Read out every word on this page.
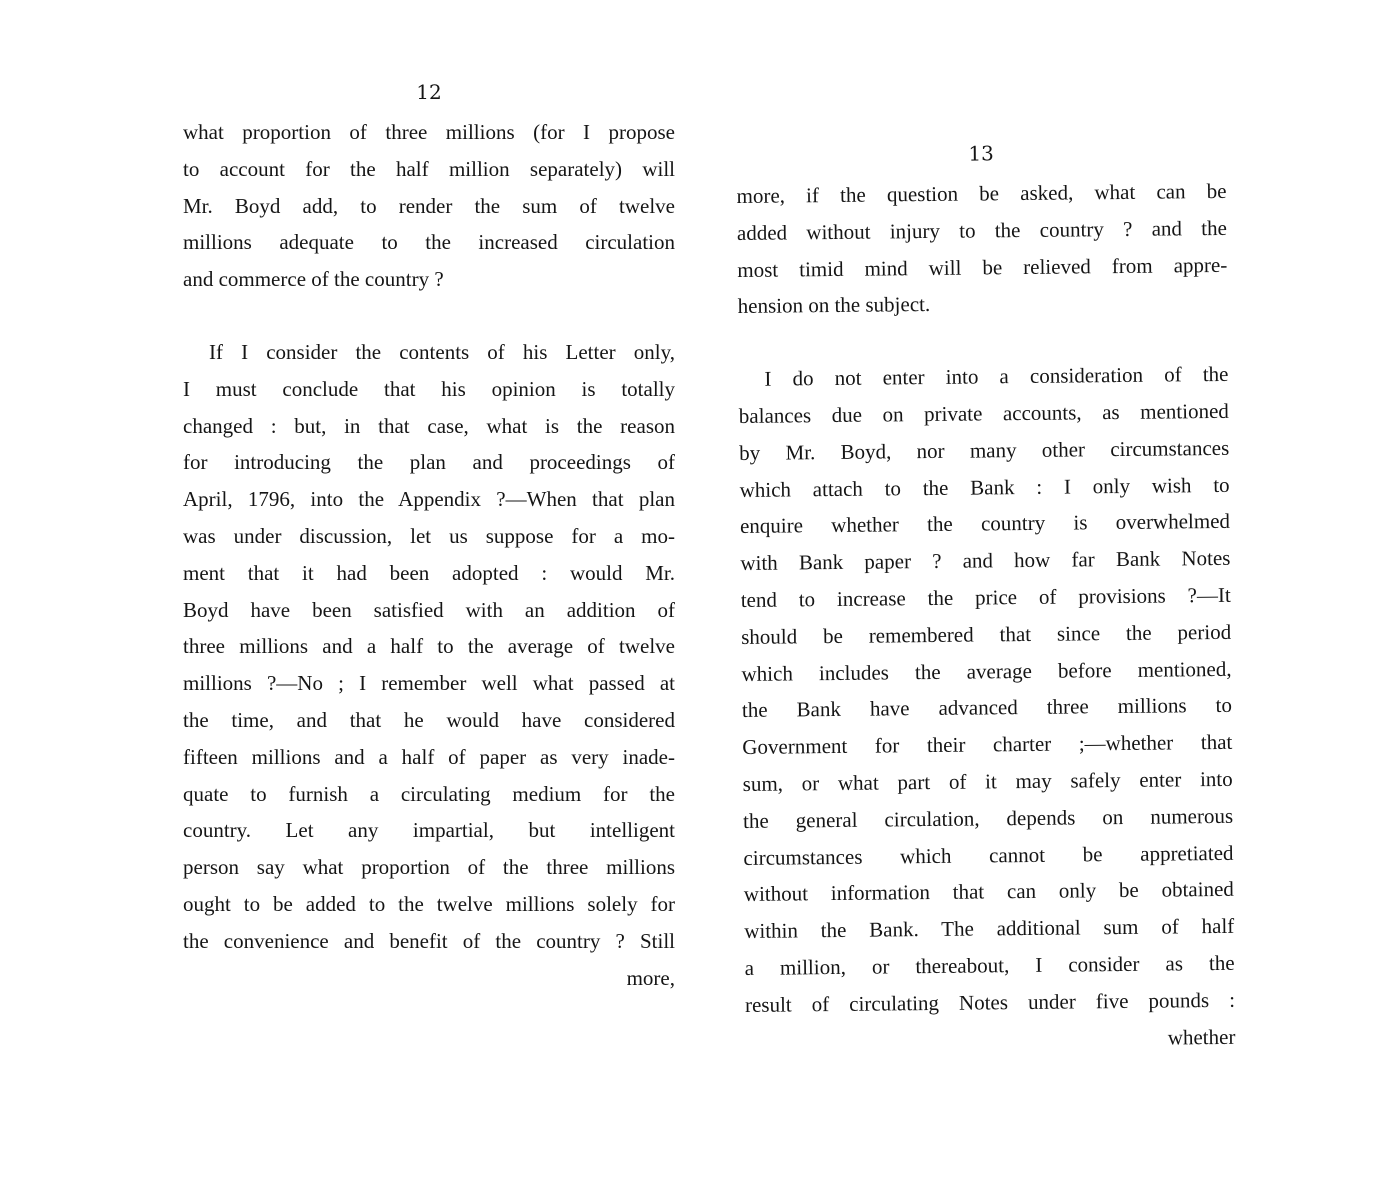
12
what proportion of three millions (for I propose
to account for the half million separately) will
Mr. Boyd add, to render the sum of twelve
millions adequate to the increased circulation
and commerce of the country ?
If I consider the contents of his Letter only,
I must conclude that his opinion is totally
changed : but, in that case, what is the reason
for introducing the plan and proceedings of
April, 1796, into the Appendix ?—When that plan
was under discussion, let us suppose for a mo-
ment that it had been adopted : would Mr.
Boyd have been satisfied with an addition of
three millions and a half to the average of twelve
millions ?—No ; I remember well what passed at
the time, and that he would have considered
fifteen millions and a half of paper as very inade-
quate to furnish a circulating medium for the
country. Let any impartial, but intelligent
person say what proportion of the three millions
ought to be added to the twelve millions solely for
the convenience and benefit of the country ? Still
more,
13
more, if the question be asked, what can be
added without injury to the country ? and the
most timid mind will be relieved from appre-
hension on the subject.
I do not enter into a consideration of the
balances due on private accounts, as mentioned
by Mr. Boyd, nor many other circumstances
which attach to the Bank : I only wish to
enquire whether the country is overwhelmed
with Bank paper ? and how far Bank Notes
tend to increase the price of provisions ?—It
should be remembered that since the period
which includes the average before mentioned,
the Bank have advanced three millions to
Government for their charter ;—whether that
sum, or what part of it may safely enter into
the general circulation, depends on numerous
circumstances which cannot be appretiated
without information that can only be obtained
within the Bank. The additional sum of half
a million, or thereabout, I consider as the
result of circulating Notes under five pounds :
whether
